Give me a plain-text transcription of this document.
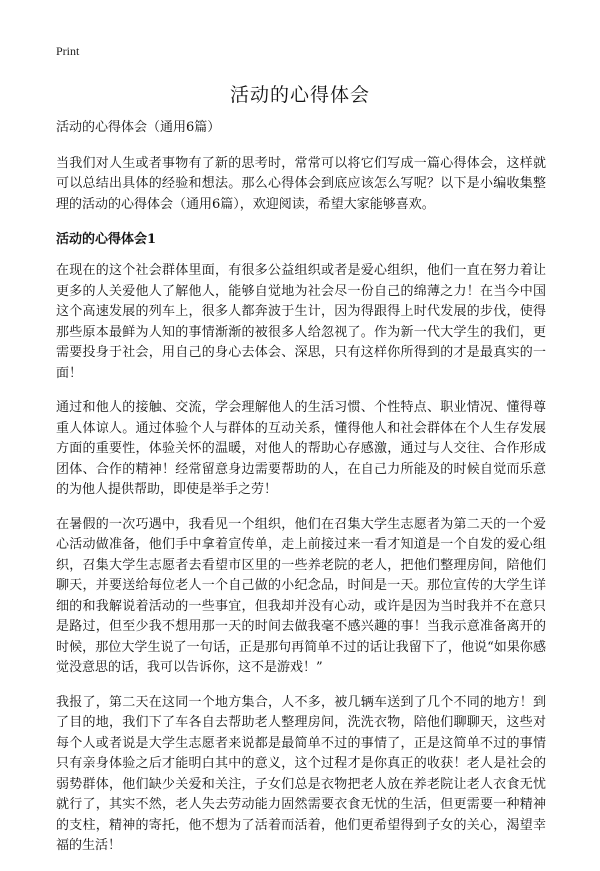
Print
活动的心得体会

活动的心得体会（通用6篇）

当我们对人生或者事物有了新的思考时，常常可以将它们写成一篇心得体会，这样就可以总结出具体的经验和想法。那么心得体会到底应该怎么写呢？以下是小编收集整理的活动的心得体会（通用6篇），欢迎阅读，希望大家能够喜欢。

活动的心得体会1

在现在的这个社会群体里面，有很多公益组织或者是爱心组织，他们一直在努力着让更多的人关爱他人了解他人，能够自觉地为社会尽一份自己的绵薄之力！在当今中国这个高速发展的列车上，很多人都奔波于生计，因为得跟得上时代发展的步伐，使得那些原本最鲜为人知的事情渐渐的被很多人给忽视了。作为新一代大学生的我们，更需要投身于社会，用自己的身心去体会、深思，只有这样你所得到的才是最真实的一面！

通过和他人的接触、交流，学会理解他人的生活习惯、个性特点、职业情况、懂得尊重人体谅人。通过体验个人与群体的互动关系，懂得他人和社会群体在个人生存发展方面的重要性，体验关怀的温暖，对他人的帮助心存感激，通过与人交往、合作形成团体、合作的精神！经常留意身边需要帮助的人，在自己力所能及的时候自觉而乐意的为他人提供帮助，即使是举手之劳！

在暑假的一次巧遇中，我看见一个组织，他们在召集大学生志愿者为第二天的一个爱心活动做准备，他们手中拿着宣传单，走上前接过来一看才知道是一个自发的爱心组织，召集大学生志愿者去看望市区里的一些养老院的老人，把他们整理房间，陪他们聊天，并要送给每位老人一个自己做的小纪念品，时间是一天。那位宣传的大学生详细的和我解说着活动的一些事宜，但我却并没有心动，或许是因为当时我并不在意只是路过，但至少我不想用那一天的时间去做我毫不感兴趣的事！当我示意准备离开的时候，那位大学生说了一句话，正是那句再简单不过的话让我留下了，他说“如果你感觉没意思的话，我可以告诉你，这不是游戏！”

我报了，第二天在这同一个地方集合，人不多，被几辆车送到了几个不同的地方！到了目的地，我们下了车各自去帮助老人整理房间，洗洗衣物，陪他们聊聊天，这些对每个人或者说是大学生志愿者来说都是最简单不过的事情了，正是这简单不过的事情只有亲身体验之后才能明白其中的意义，这个过程才是你真正的收获！老人是社会的弱势群体，他们缺少关爱和关注，子女们总是衣物把老人放在养老院让老人衣食无忧就行了，其实不然，老人失去劳动能力固然需要衣食无忧的生活，但更需要一种精神的支柱，精神的寄托，他不想为了活着而活着，他们更希望得到子女的关心，渴望幸福的生活！
